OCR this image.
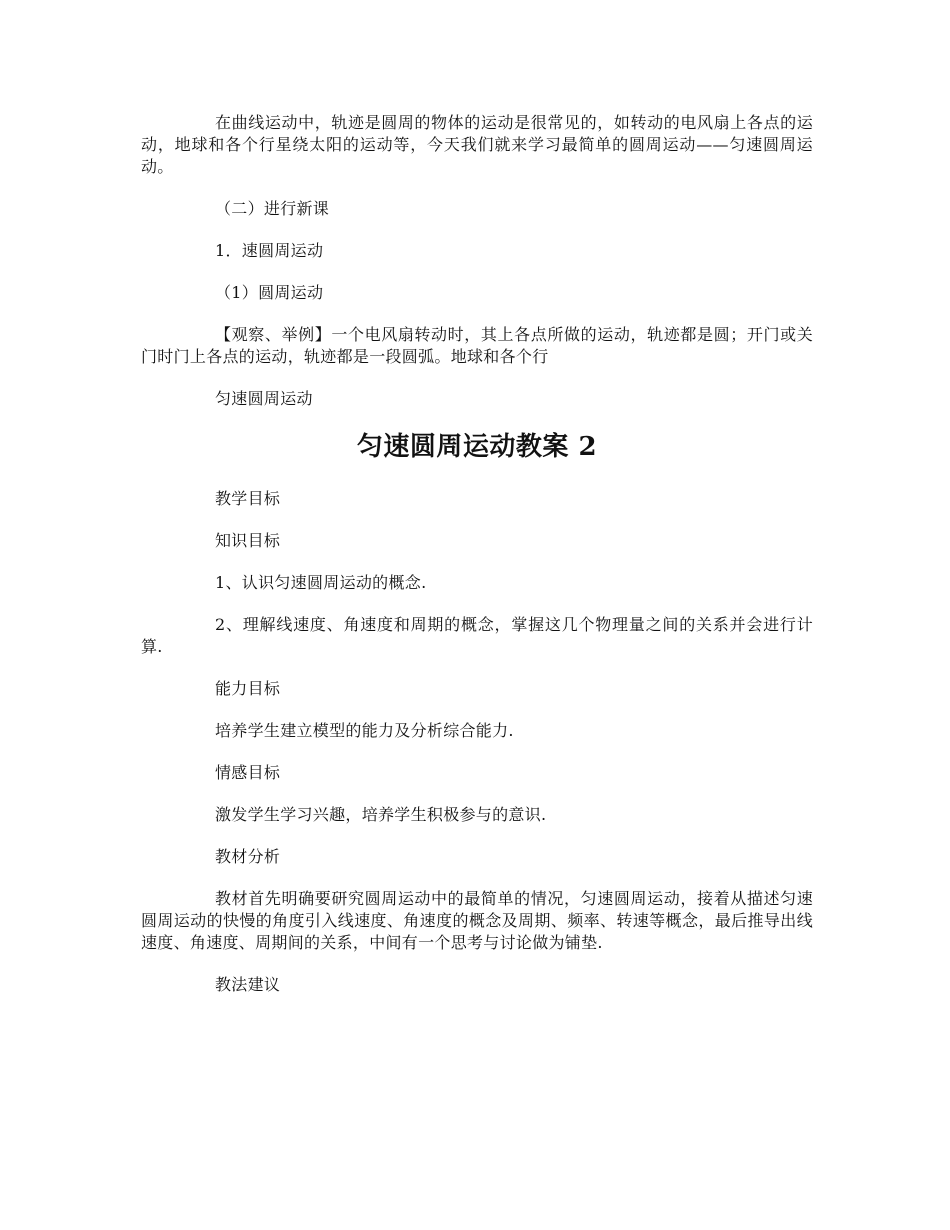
在曲线运动中，轨迹是圆周的物体的运动是很常见的，如转动的电风扇上各点的运动，地球和各个行星绕太阳的运动等，今天我们就来学习最简单的圆周运动——匀速圆周运动。

（二）进行新课

1．速圆周运动

（1）圆周运动

【观察、举例】一个电风扇转动时，其上各点所做的运动，轨迹都是圆；开门或关门时门上各点的运动，轨迹都是一段圆弧。地球和各个行

匀速圆周运动

匀速圆周运动教案 2

教学目标

知识目标

1、认识匀速圆周运动的概念.

2、理解线速度、角速度和周期的概念，掌握这几个物理量之间的关系并会进行计算.

能力目标

培养学生建立模型的能力及分析综合能力.

情感目标

激发学生学习兴趣，培养学生积极参与的意识.

教材分析

教材首先明确要研究圆周运动中的最简单的情况，匀速圆周运动，接着从描述匀速圆周运动的快慢的角度引入线速度、角速度的概念及周期、频率、转速等概念，最后推导出线速度、角速度、周期间的关系，中间有一个思考与讨论做为铺垫.

教法建议
